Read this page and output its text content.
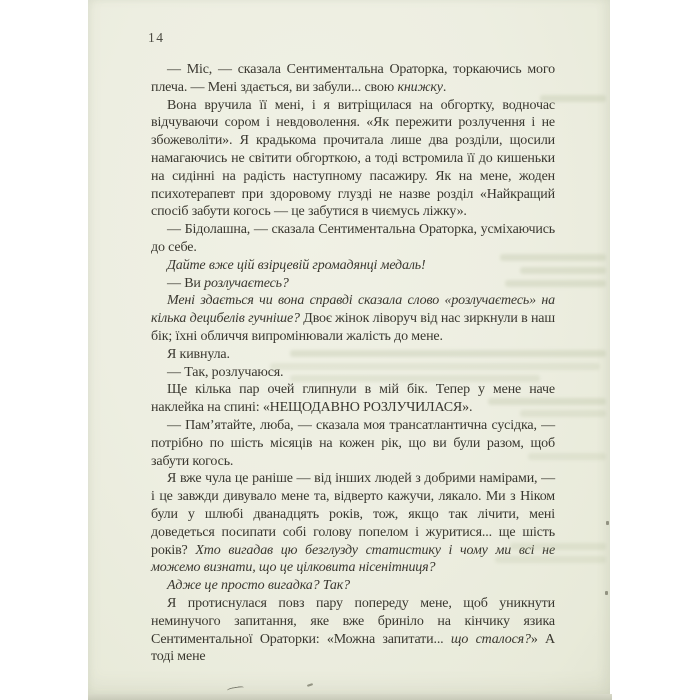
14

— Міс, — сказала Сентиментальна Ораторка, торкаючись мого плеча. — Мені здається, ви забули... свою книжку.

Вона вручила її мені, і я витріщилася на обгортку, водночас відчуваючи сором і невдоволення. «Як пережити розлучення і не збожеволіти». Я крадькома прочитала лише два розділи, щосили намагаючись не світити обгорткою, а тоді встромила її до кишеньки на сидінні на радість наступному пасажиру. Як на мене, жоден психотерапевт при здоровому глузді не назве розділ «Найкращий спосіб забути когось — це забутися в чиємусь ліжку».

— Бідолашна, — сказала Сентиментальна Ораторка, усміхаючись до себе.

Дайте вже цій взірцевій громадянці медаль!

— Ви розлучаєтесь?

Мені здається чи вона справді сказала слово «розлучаєтесь» на кілька децибелів гучніше? Двоє жінок ліворуч від нас зиркнули в наш бік; їхні обличчя випромінювали жалість до мене.

Я кивнула.

— Так, розлучаюся.

Ще кілька пар очей глипнули в мій бік. Тепер у мене наче наклейка на спині: «НЕЩОДАВНО РОЗЛУЧИЛАСЯ».

— Пам’ятайте, люба, — сказала моя трансатлантична сусідка, — потрібно по шість місяців на кожен рік, що ви були разом, щоб забути когось.

Я вже чула це раніше — від інших людей з добрими намірами, — і це завжди дивувало мене та, відверто кажучи, лякало. Ми з Ніком були у шлюбі дванадцять років, тож, якщо так лічити, мені доведеться посипати собі голову попелом і журитися... ще шість років? Хто вигадав цю безглузду статистику і чому ми всі не можемо визнати, що це цілковита нісенітниця?

Адже це просто вигадка? Так?

Я протиснулася повз пару попереду мене, щоб уникнути неминучого запитання, яке вже бриніло на кінчику язика Сентиментальної Ораторки: «Можна запитати... що сталося?» А тоді мене
